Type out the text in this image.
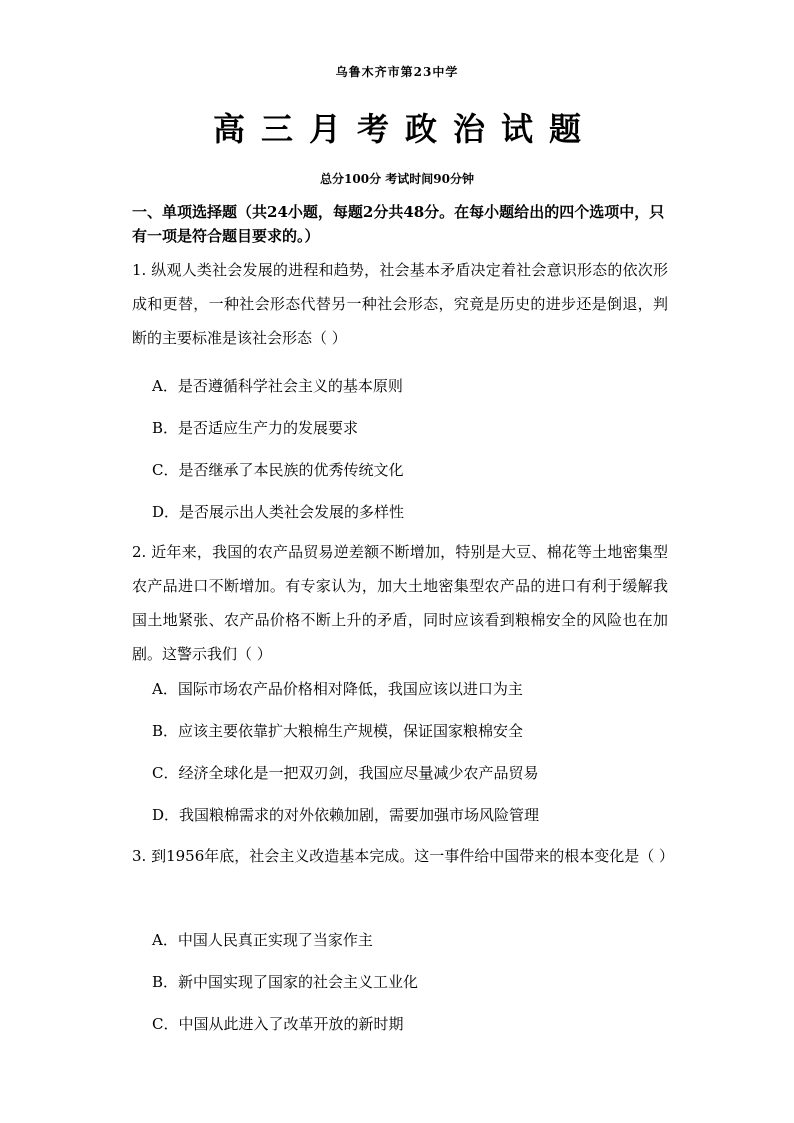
乌鲁木齐市第23中学
高三月考政治试题
总分100分 考试时间90分钟
一、单项选择题（共24小题，每题2分共48分。在每小题给出的四个选项中，只有一项是符合题目要求的。）
1. 纵观人类社会发展的进程和趋势，社会基本矛盾决定着社会意识形态的依次形成和更替，一种社会形态代替另一种社会形态，究竟是历史的进步还是倒退，判断的主要标准是该社会形态（ ）
A．是否遵循科学社会主义的基本原则
B．是否适应生产力的发展要求
C．是否继承了本民族的优秀传统文化
D．是否展示出人类社会发展的多样性
2. 近年来，我国的农产品贸易逆差额不断增加，特别是大豆、棉花等土地密集型农产品进口不断增加。有专家认为，加大土地密集型农产品的进口有利于缓解我国土地紧张、农产品价格不断上升的矛盾，同时应该看到粮棉安全的风险也在加剧。这警示我们（ ）
A．国际市场农产品价格相对降低，我国应该以进口为主
B．应该主要依靠扩大粮棉生产规模，保证国家粮棉安全
C．经济全球化是一把双刃剑，我国应尽量减少农产品贸易
D．我国粮棉需求的对外依赖加剧，需要加强市场风险管理
3. 到1956年底，社会主义改造基本完成。这一事件给中国带来的根本变化是（ ）
A．中国人民真正实现了当家作主
B．新中国实现了国家的社会主义工业化
C．中国从此进入了改革开放的新时期
